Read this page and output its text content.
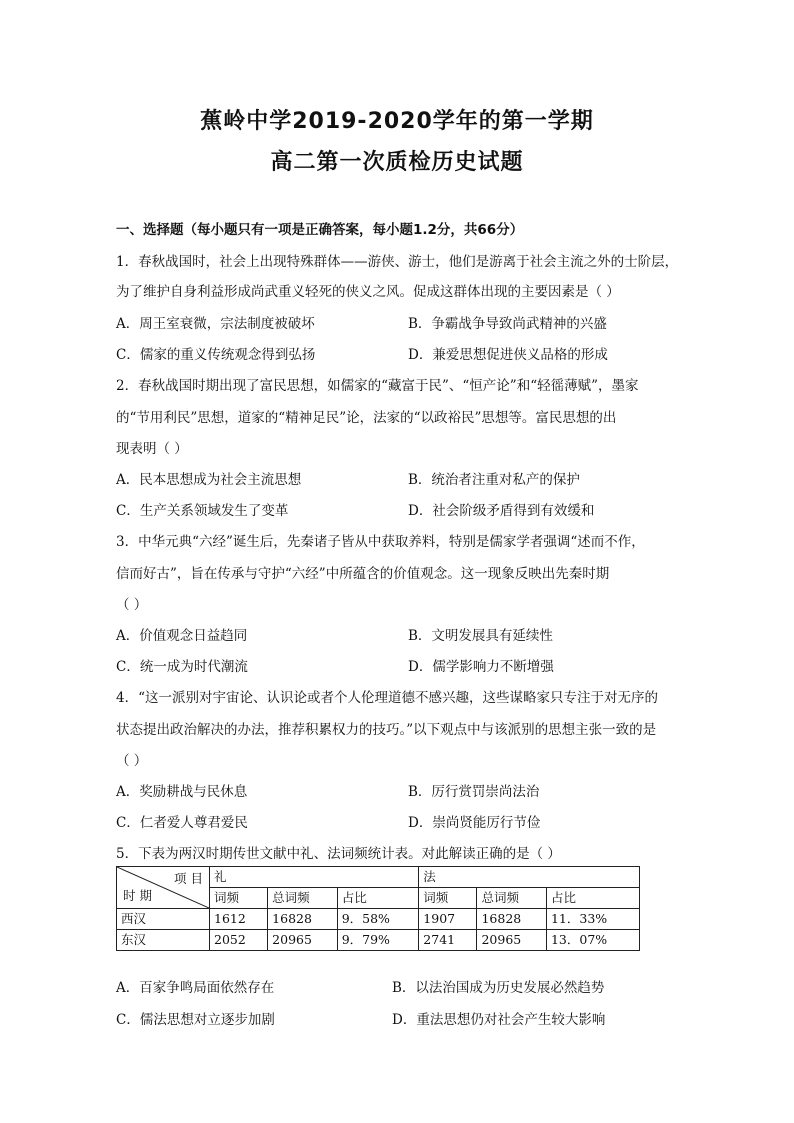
蕉岭中学2019-2020学年的第一学期
高二第一次质检历史试题
一、选择题（每小题只有一项是正确答案，每小题1.2分，共66分）
1．春秋战国时，社会上出现特殊群体——游侠、游士，他们是游离于社会主流之外的士阶层，
为了维护自身利益形成尚武重义轻死的侠义之风。促成这群体出现的主要因素是（ ）
A．周王室衰微，宗法制度被破坏	B．争霸战争导致尚武精神的兴盛
C．儒家的重义传统观念得到弘扬	D．兼爱思想促进侠义品格的形成
2．春秋战国时期出现了富民思想，如儒家的“藏富于民”、“恒产论”和“轻徭薄赋”，墨家
的“节用利民”思想，道家的“精神足民”论，法家的“以政裕民”思想等。富民思想的出
现表明（ ）
A．民本思想成为社会主流思想	B．统治者注重对私产的保护
C．生产关系领域发生了变革	D．社会阶级矛盾得到有效缓和
3．中华元典“六经”诞生后，先秦诸子皆从中获取养料，特别是儒家学者强调“述而不作，
信而好古”，旨在传承与守护“六经”中所蕴含的价值观念。这一现象反映出先秦时期
（ ）
A．价值观念日益趋同	B．文明发展具有延续性
C．统一成为时代潮流	D．儒学影响力不断增强
4．“这一派别对宇宙论、认识论或者个人伦理道德不感兴趣，这些谋略家只专注于对无序的
状态提出政治解决的办法，推荐积累权力的技巧。”以下观点中与该派别的思想主张一致的是
（ ）
A．奖励耕战与民休息	B．厉行赏罚崇尚法治
C．仁者爱人尊君爱民	D．崇尚贤能厉行节俭
5．下表为两汉时期传世文献中礼、法词频统计表。对此解读正确的是（ ）
项 目
时 期	礼			法		
	词频	总词频	占比	词频	总词频	占比
西汉	1612	16828	9．58%	1907	16828	11．33%
东汉	2052	20965	9．79%	2741	20965	13．07%
A．百家争鸣局面依然存在	B．以法治国成为历史发展必然趋势
C．儒法思想对立逐步加剧	D．重法思想仍对社会产生较大影响
